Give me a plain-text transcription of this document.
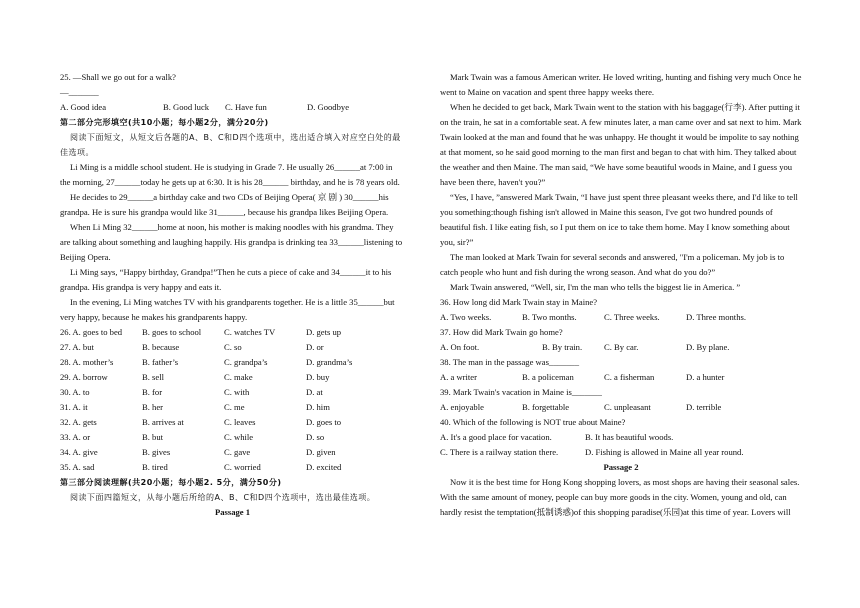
25. —Shall we go out for a walk?

—_______

A. Good idea	B. Good luck	C. Have fun	D. Goodbye

第二部分完形填空(共10小题；每小题2分，满分20分)

阅读下面短文，从短文后各题的A、B、C和D四个选项中，选出适合填入对应空白处的最佳选项。

Li Ming is a middle school student. He is studying in Grade 7. He usually 26______at 7:00 in the morning, 27______today he gets up at 6:30. It is his 28______ birthday, and he is 78 years old.

He decides to 29______a birthday cake and two CDs of Beijing Opera( 京 剧 ) 30______his grandpa. He is sure his grandpa would like 31______, because his grandpa likes Beijing Opera.

When Li Ming 32______home at noon, his mother is making noodles with his grandma. They are talking about something and laughing happily. His grandpa is drinking tea 33______listening to Beijing Opera.

Li Ming says, “Happy birthday, Grandpa!”Then he cuts a piece of cake and 34______it to his grandpa. His grandpa is very happy and eats it.

In the evening, Li Ming watches TV with his grandparents together. He is a little 35______but very happy, because he makes his grandparents happy.

26. A. goes to bed	B. goes to school	C. watches TV	D. gets up
27. A. but	B. because	C. so	D. or
28. A. mother’s	B. father’s	C. grandpa’s	D. grandma’s
29. A. borrow	B. sell	C. make	D. buy
30. A. to	B. for	C. with	D. at
31. A. it	B. her	C. me	D. him
32. A. gets	B. arrives at	C. leaves	D. goes to
33. A. or	B. but	C. while	D. so
34. A. give	B. gives	C. gave	D. given
35. A. sad	B. tired	C. worried	D. excited

第三部分阅读理解(共20小题；每小题2. 5分，满分50分)

阅读下面四篇短文，从每小题后所给的A、B、C和D四个选项中，选出最佳选项。

Passage 1

Mark Twain was a famous American writer. He loved writing, hunting and fishing very much Once he went to Maine on vacation and spent three happy weeks there.

When he decided to get back, Mark Twain went to the station with his baggage(行李). After putting it on the train, he sat in a comfortable seat. A few minutes later, a man came over and sat next to him. Mark Twain looked at the man and found that he was unhappy. He thought it would be impolite to say nothing at that moment, so he said good morning to the man first and began to chat with him. They talked about the weather and then Maine. The man said, “We have some beautiful woods in Maine, and I guess you have been there, haven't you?”

“Yes, I have, ”answered Mark Twain, “I have just spent three pleasant weeks there, and I'd like to tell you something:though fishing isn't allowed in Maine this season, I've got two hundred pounds of beautiful fish. I like eating fish, so I put them on ice to take them home. May I know something about you, sir?”

The man looked at Mark Twain for several seconds and answered, "I'm a policeman. My job is to catch people who hunt and fish during the wrong season. And what do you do?”

Mark Twain answered, “Well, sir, I'm the man who tells the biggest lie in America. ”

36. How long did Mark Twain stay in Maine?

A. Two weeks.	B. Two months.	C. Three weeks.	D. Three months.

37. How did Mark Twain go home?

A. On foot.	B. By train.	C. By car.	D. By plane.

38. The man in the passage was_______

A. a writer	B. a policeman	C. a fisherman	D. a hunter

39. Mark Twain's vacation in Maine is_______

A. enjoyable	B. forgettable	C. unpleasant	D. terrible

40. Which of the following is NOT true about Maine?

A. It's a good place for vacation.	B. It has beautiful woods.
C. There is a railway station there.	D. Fishing is allowed in Maine all year round.

Passage 2

Now it is the best time for Hong Kong shopping lovers, as most shops are having their seasonal sales. With the same amount of money, people can buy more goods in the city. Women, young and old, can hardly resist the temptation(抵制诱惑)of this shopping paradise(乐园)at this time of year. Lovers will
